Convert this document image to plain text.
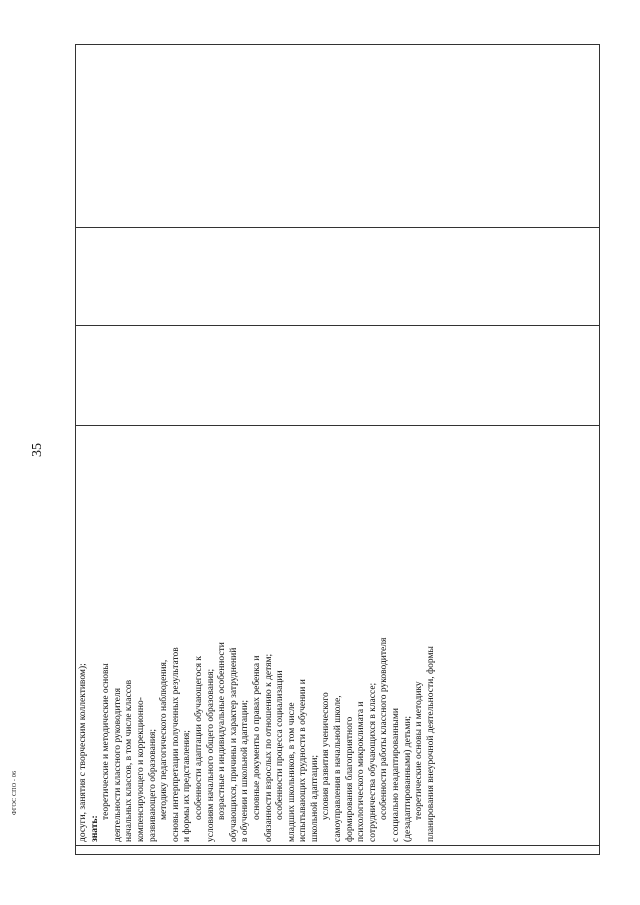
ФГОС СПО - 06
35

досуги, занятия с творческим коллективом); знать:
теоретические и методические основы деятельности классного руководителя начальных классов, в том числе классов компенсирующего и коррекционно- развивающего образования; методику педагогического наблюдения, основы интерпретации полученных результатов и формы их представления; особенности адаптации обучающегося к условиям начального общего образования; возрастные и индивидуальные особенности обучающихся, причины и характер затруднений в обучении и школьной адаптации; основные документы о правах ребенка и обязанности взрослых по отношению к детям; особенности процесса социализации младших школьников, в том числе испытывающих трудности в обучении и школьной адаптации; условия развития ученического самоуправления в начальной школе, формирования благоприятного психологического микроклимата и сотрудничества обучающихся в классе; особенности работы классного руководителя с социально неадаптированными (дезадаптированными) детьми; теоретические основы и методику планирования внеурочной деятельности, формы
